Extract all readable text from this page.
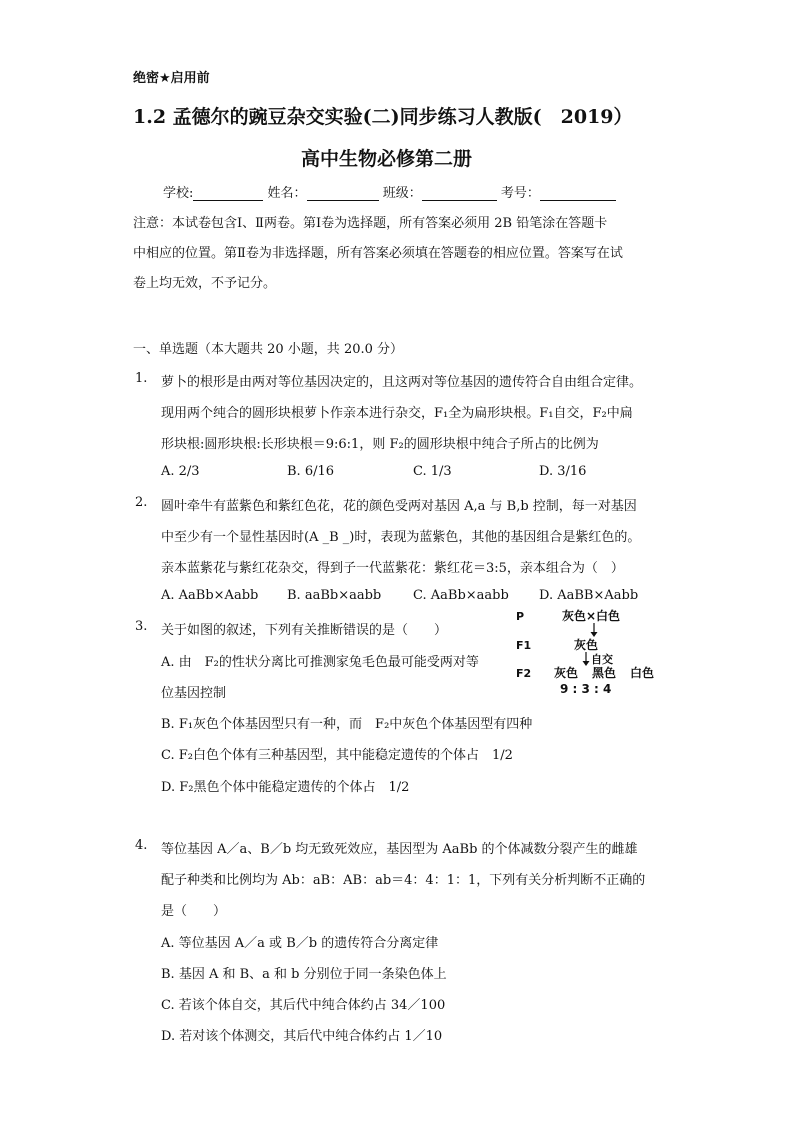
绝密★启用前
1.2 孟德尔的豌豆杂交实验(二)同步练习人教版(　2019）
高中生物必修第二册
学校:	姓名：	班级：	考号：
注意：本试卷包含Ⅰ、Ⅱ两卷。第Ⅰ卷为选择题，所有答案必须用 2B 铅笔涂在答题卡
中相应的位置。第Ⅱ卷为非选择题，所有答案必须填在答题卷的相应位置。答案写在试
卷上均无效，不予记分。
一、单选题（本大题共 20 小题，共 20.0 分）
1. 萝卜的根形是由两对等位基因决定的，且这两对等位基因的遗传符合自由组合定律。
现用两个纯合的圆形块根萝卜作亲本进行杂交，F₁全为扁形块根。F₁自交，F₂中扁
形块根:圆形块根:长形块根＝9:6:1，则 F₂的圆形块根中纯合子所占的比例为
A. 2/3	B. 6/16	C. 1/3	D. 3/16
2. 圆叶牵牛有蓝紫色和紫红色花，花的颜色受两对基因 A,a 与 B,b 控制，每一对基因
中至少有一个显性基因时(A _B _)时，表现为蓝紫色，其他的基因组合是紫红色的。
亲本蓝紫花与紫红花杂交，得到子一代蓝紫花：紫红花＝3:5，亲本组合为（　）
A. AaBb×Aabb B. aaBb×aabb C. AaBb×aabb D. AaBB×Aabb
3. 关于如图的叙述，下列有关推断错误的是（　　）
A. 由　F₂的性状分离比可推测家兔毛色最可能受两对等
位基因控制
B. F₁灰色个体基因型只有一种，而　F₂中灰色个体基因型有四种
C. F₂白色个体有三种基因型，其中能稳定遗传的个体占　1/2
D. F₂黑色个体中能稳定遗传的个体占　1/2
P	灰色×白色
F1	灰色
自交
F2 灰色 黑色 白色
9 : 3 : 4
4. 等位基因 A／a、B／b 均无致死效应，基因型为 AaBb 的个体减数分裂产生的雌雄
配子种类和比例均为 Ab：aB：AB：ab＝4：4：1：1，下列有关分析判断不正确的
是（　　）
A. 等位基因 A／a 或 B／b 的遗传符合分离定律
B. 基因 A 和 B、a 和 b 分别位于同一条染色体上
C. 若该个体自交，其后代中纯合体约占 34／100
D. 若对该个体测交，其后代中纯合体约占 1／10
